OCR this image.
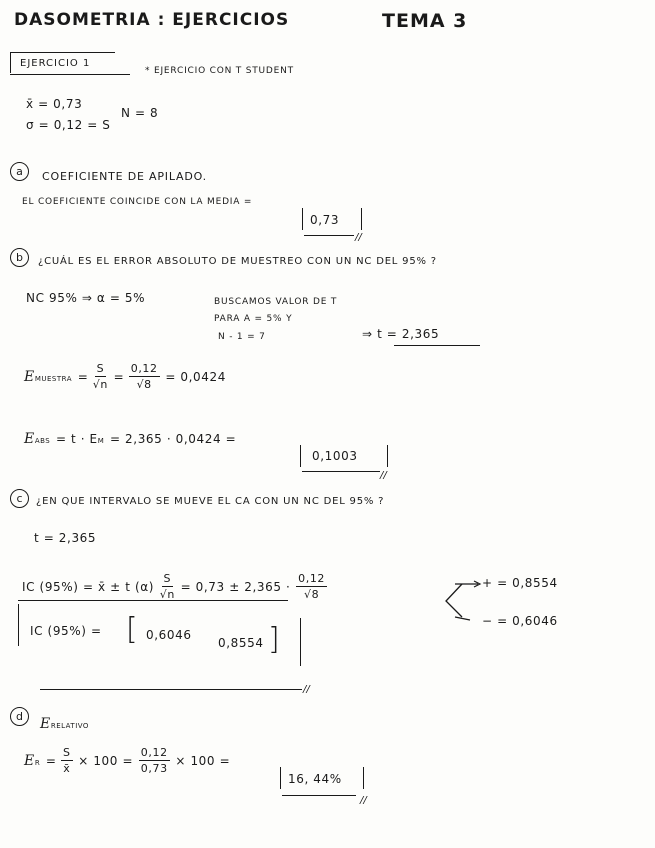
DASOMETRIA : EJERCICIOS	TEMA 3
EJERCICIO 1
* EJERCICIO CON T STUDENT
x̄ = 0,73
N = 8
σ = 0,12 = S
a	COEFICIENTE DE APILADO.
EL COEFICIENTE COINCIDE CON LA MEDIA =
0,73
//
b	¿CUÁL ES EL ERROR ABSOLUTO DE MUESTREO CON UN NC DEL 95% ?
NC 95% ⇒ α = 5%	BUSCAMOS VALOR DE T
PARA Α = 5% Y
N - 1 = 7	⇒ t = 2,365
EMUESTRA = $\frac{S}{√n} = \frac{0,12}{√8} = 0,0424$
EABS = t · EM = 2,365 · 0,0424 =
0,1003
//
c	¿EN QUE INTERVALO SE MUEVE EL CA CON UN NC DEL 95% ?
t = 2,365
IC (95%) = x̄ ± t $(\alpha) \frac{S}{√n} = 0,73 \pm 2,365 \cdot \frac{0,12}{√8}$	+ = 0,8554
− = 0,6046
IC (95%) = [ 0,6046
0,8554 ]
//
d	ERELATIVO
ER = $\frac{S}{x̄} \times 100 = \frac{0,12}{0,73} \times 100$ =
16, 44%
//
